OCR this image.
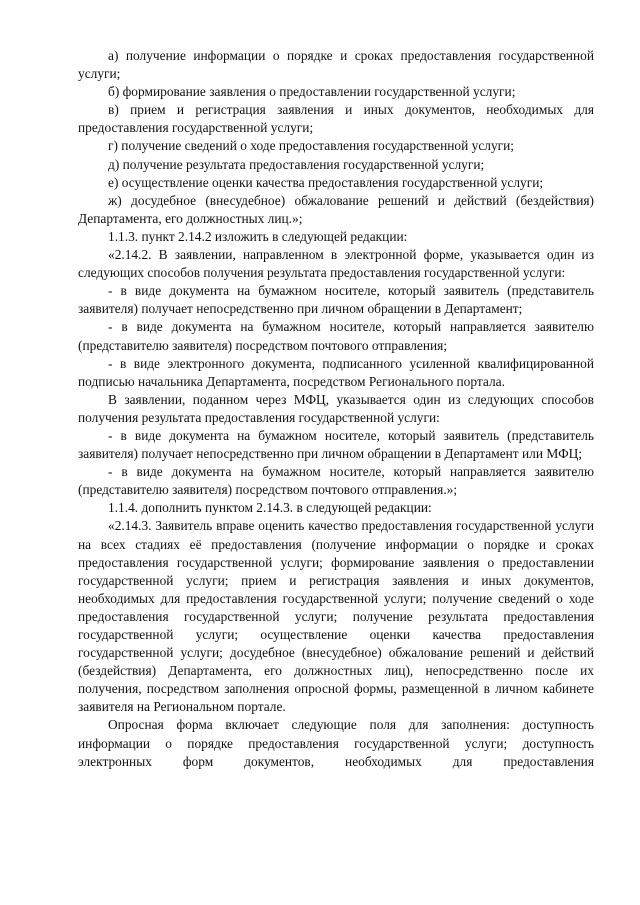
а) получение информации о порядке и сроках предоставления государственной услуги;

б) формирование заявления о предоставлении государственной услуги;

в) прием и регистрация заявления и иных документов, необходимых для предоставления государственной услуги;

г) получение сведений о ходе предоставления государственной услуги;

д) получение результата предоставления государственной услуги;

е) осуществление оценки качества предоставления государственной услуги;

ж) досудебное (внесудебное) обжалование решений и действий (бездействия) Департамента, его должностных лиц.»;

1.1.3. пункт 2.14.2 изложить в следующей редакции:

«2.14.2. В заявлении, направленном в электронной форме, указывается один из следующих способов получения результата предоставления государственной услуги:

- в виде документа на бумажном носителе, который заявитель (представитель заявителя) получает непосредственно при личном обращении в Департамент;

- в виде документа на бумажном носителе, который направляется заявителю (представителю заявителя) посредством почтового отправления;

- в виде электронного документа, подписанного усиленной квалифицированной подписью начальника Департамента, посредством Регионального портала.

В заявлении, поданном через МФЦ, указывается один из следующих способов получения результата предоставления государственной услуги:

- в виде документа на бумажном носителе, который заявитель (представитель заявителя) получает непосредственно при личном обращении в Департамент или МФЦ;

- в виде документа на бумажном носителе, который направляется заявителю (представителю заявителя) посредством почтового отправления.»;

1.1.4. дополнить пунктом 2.14.3. в следующей редакции:

«2.14.3. Заявитель вправе оценить качество предоставления государственной услуги на всех стадиях её предоставления (получение информации о порядке и сроках предоставления государственной услуги; формирование заявления о предоставлении государственной услуги; прием и регистрация заявления и иных документов, необходимых для предоставления государственной услуги; получение сведений о ходе предоставления государственной услуги; получение результата предоставления государственной услуги; осуществление оценки качества предоставления государственной услуги; досудебное (внесудебное) обжалование решений и действий (бездействия) Департамента, его должностных лиц), непосредственно после их получения, посредством заполнения опросной формы, размещенной в личном кабинете заявителя на Региональном портале.

Опросная форма включает следующие поля для заполнения: доступность информации о порядке предоставления государственной услуги; доступность электронных форм документов, необходимых для предоставления
